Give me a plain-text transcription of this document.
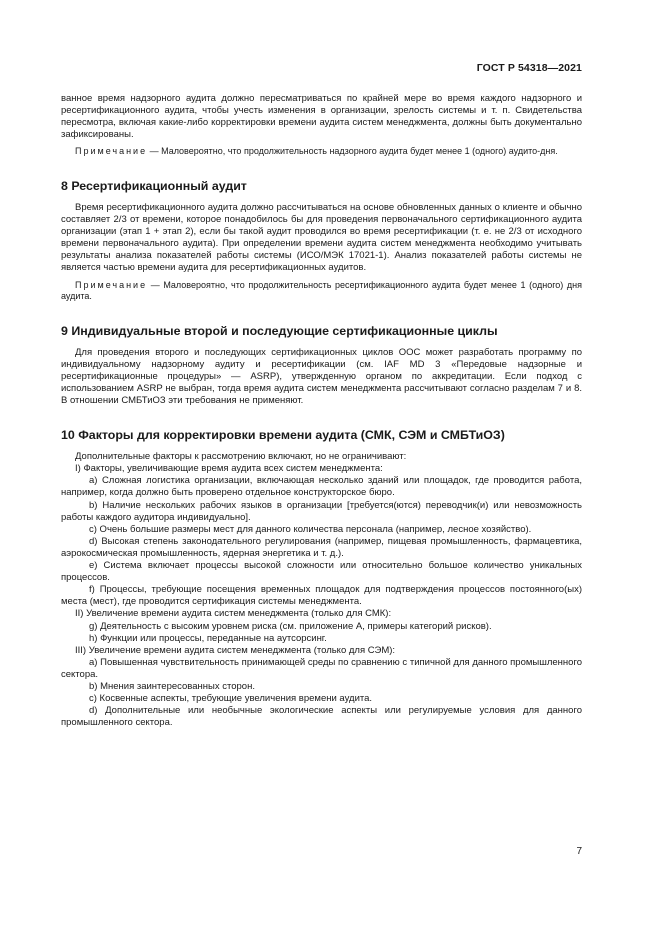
ГОСТ Р 54318—2021

ванное время надзорного аудита должно пересматриваться по крайней мере во время каждого надзорного и ресертификационного аудита, чтобы учесть изменения в организации, зрелость системы и т. п. Свидетельства пересмотра, включая какие-либо корректировки времени аудита систем менеджмента, должны быть документально зафиксированы.

Примечание — Маловероятно, что продолжительность надзорного аудита будет менее 1 (одного) аудито-дня.

8 Ресертификационный аудит

Время ресертификационного аудита должно рассчитываться на основе обновленных данных о клиенте и обычно составляет 2/3 от времени, которое понадобилось бы для проведения первоначального сертификационного аудита организации (этап 1 + этап 2), если бы такой аудит проводился во время ресертификации (т. е. не 2/3 от исходного времени первоначального аудита). При определении времени аудита систем менеджмента необходимо учитывать результаты анализа показателей работы системы (ИСО/МЭК 17021-1). Анализ показателей работы системы не является частью времени аудита для ресертификационных аудитов.

Примечание — Маловероятно, что продолжительность ресертификационного аудита будет менее 1 (одного) дня аудита.

9 Индивидуальные второй и последующие сертификационные циклы

Для проведения второго и последующих сертификационных циклов ООС может разработать программу по индивидуальному надзорному аудиту и ресертификации (см. IAF MD 3 «Передовые надзорные и ресертификационные процедуры» — ASRP), утвержденную органом по аккредитации. Если подход с использованием ASRP не выбран, тогда время аудита систем менеджмента рассчитывают согласно разделам 7 и 8. В отношении СМБТиОЗ эти требования не применяют.

10 Факторы для корректировки времени аудита (СМК, СЭМ и СМБТиОЗ)

Дополнительные факторы к рассмотрению включают, но не ограничивают:

I) Факторы, увеличивающие время аудита всех систем менеджмента:

a) Сложная логистика организации, включающая несколько зданий или площадок, где проводится работа, например, когда должно быть проверено отдельное конструкторское бюро.

b) Наличие нескольких рабочих языков в организации [требуется(ются) переводчик(и) или невозможность работы каждого аудитора индивидуально].

c) Очень большие размеры мест для данного количества персонала (например, лесное хозяйство).

d) Высокая степень законодательного регулирования (например, пищевая промышленность, фармацевтика, аэрокосмическая промышленность, ядерная энергетика и т. д.).

e) Система включает процессы высокой сложности или относительно большое количество уникальных процессов.

f) Процессы, требующие посещения временных площадок для подтверждения процессов постоянного(ых) места (мест), где проводится сертификация системы менеджмента.

II) Увеличение времени аудита систем менеджмента (только для СМК):

g) Деятельность с высоким уровнем риска (см. приложение А, примеры категорий рисков).

h) Функции или процессы, переданные на аутсорсинг.

III) Увеличение времени аудита систем менеджмента (только для СЭМ):

a) Повышенная чувствительность принимающей среды по сравнению с типичной для данного промышленного сектора.

b) Мнения заинтересованных сторон.

c) Косвенные аспекты, требующие увеличения времени аудита.

d) Дополнительные или необычные экологические аспекты или регулируемые условия для данного промышленного сектора.

7
